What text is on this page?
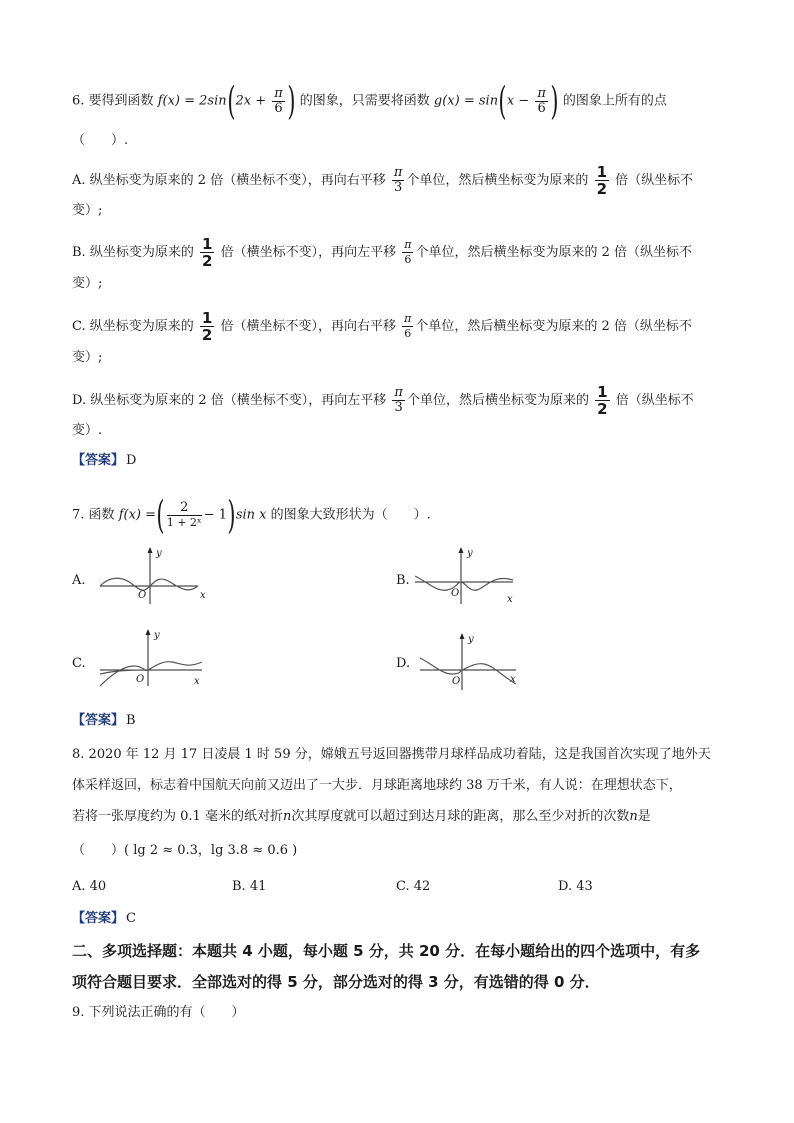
6. 要得到函数 $f(x) = 2\sin(2x + \frac{\pi}{6}$ ) 的图象，只需要将函数 $g(x) = \sin(x - \frac{\pi}{6}$ ) 的图象上所有的点
（　　）.
A. 纵坐标变为原来的 2 倍（横坐标不变），再向右平移 $\frac{\pi}{3}$ 个单位，然后横坐标变为原来的 $\frac{1}{2}$ 倍（纵坐标不
变）;
B. 纵坐标变为原来的 $\frac{1}{2}$ 倍（横坐标不变），再向左平移 $\frac{\pi}{6}$ 个单位，然后横坐标变为原来的 2 倍（纵坐标不
变）;
C. 纵坐标变为原来的 $\frac{1}{2}$ 倍（横坐标不变），再向右平移 $\frac{\pi}{6}$ 个单位，然后横坐标变为原来的 2 倍（纵坐标不
变）;
D. 纵坐标变为原来的 2 倍（横坐标不变），再向左平移 $\frac{\pi}{3}$ 个单位，然后横坐标变为原来的 $\frac{1}{2}$ 倍（纵坐标不
变）.
【答案】 D
7. 函数 f(x) =( $\frac{2}{\text{1 + 2ˣ}} - 1)\sin$ x 的图象大致形状为（　　）.
A.	B.
C.	D.
y
x
O
y
x
O
y
x
O
y
x
O
【答案】 B
8. 2020 年 12 月 17 日凌晨 1 时 59 分，嫦娥五号返回器携带月球样品成功着陆，这是我国首次实现了地外天
体采样返回，标志着中国航天向前又迈出了一大步．月球距离地球约 38 万千米，有人说：在理想状态下，
若将一张厚度约为 0.1 毫米的纸对折n次其厚度就可以超过到达月球的距离，那么至少对折的次数n是
（　　）( lg 2 ≈ 0.3，lg 3.8 ≈ 0.6 )
A. 40	B. 41	C. 42	D. 43
【答案】 C
二、多项选择题：本题共 4 小题，每小题 5 分，共 20 分．在每小题给出的四个选项中，有多
项符合题目要求．全部选对的得 5 分，部分选对的得 3 分，有选错的得 0 分．
9. 下列说法正确的有（　　）
